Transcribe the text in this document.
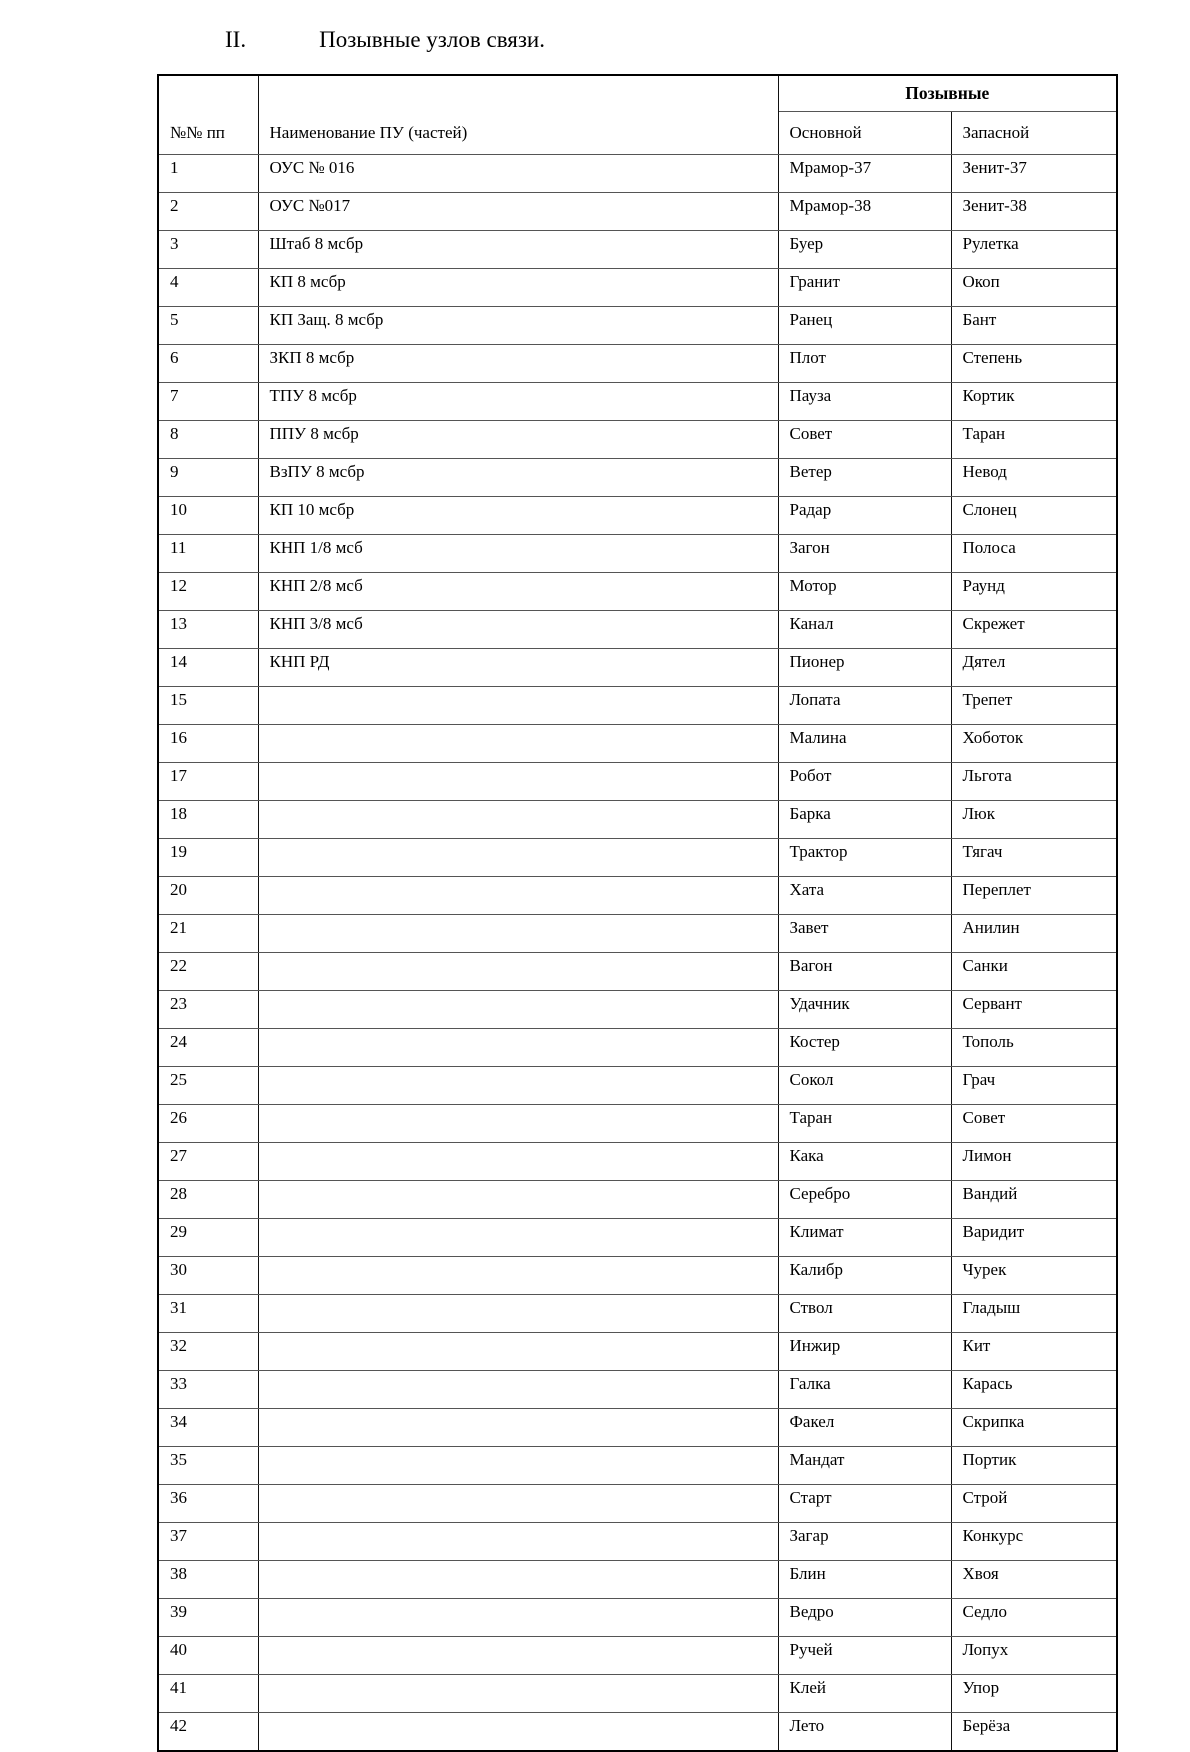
II.	Позывные узлов связи.
№№ пп	Наименование ПУ (частей)	Позывные	
		Основной	Запасной
1	ОУС № 016	Мрамор-37	Зенит-37
2	ОУС №017	Мрамор-38	Зенит-38
3	Штаб 8 мсбр	Буер	Рулетка
4	КП 8 мсбр	Гранит	Окоп
5	КП Защ. 8 мсбр	Ранец	Бант
6	ЗКП 8 мсбр	Плот	Степень
7	ТПУ 8 мсбр	Пауза	Кортик
8	ППУ 8 мсбр	Совет	Таран
9	ВзПУ 8 мсбр	Ветер	Невод
10	КП 10 мсбр	Радар	Слонец
11	КНП 1/8 мсб	Загон	Полоса
12	КНП 2/8 мсб	Мотор	Раунд
13	КНП 3/8 мсб	Канал	Скрежет
14	КНП РД	Пионер	Дятел
15		Лопата	Трепет
16		Малина	Хоботок
17		Робот	Льгота
18		Барка	Люк
19		Трактор	Тягач
20		Хата	Переплет
21		Завет	Анилин
22		Вагон	Санки
23		Удачник	Сервант
24		Костер	Тополь
25		Сокол	Грач
26		Таран	Совет
27		Кака	Лимон
28		Серебро	Вандий
29		Климат	Варидит
30		Калибр	Чурек
31		Ствол	Гладыш
32		Инжир	Кит
33		Галка	Карась
34		Факел	Скрипка
35		Мандат	Портик
36		Старт	Строй
37		Загар	Конкурс
38		Блин	Хвоя
39		Ведро	Седло
40		Ручей	Лопух
41		Клей	Упор
42		Лето	Берёза
